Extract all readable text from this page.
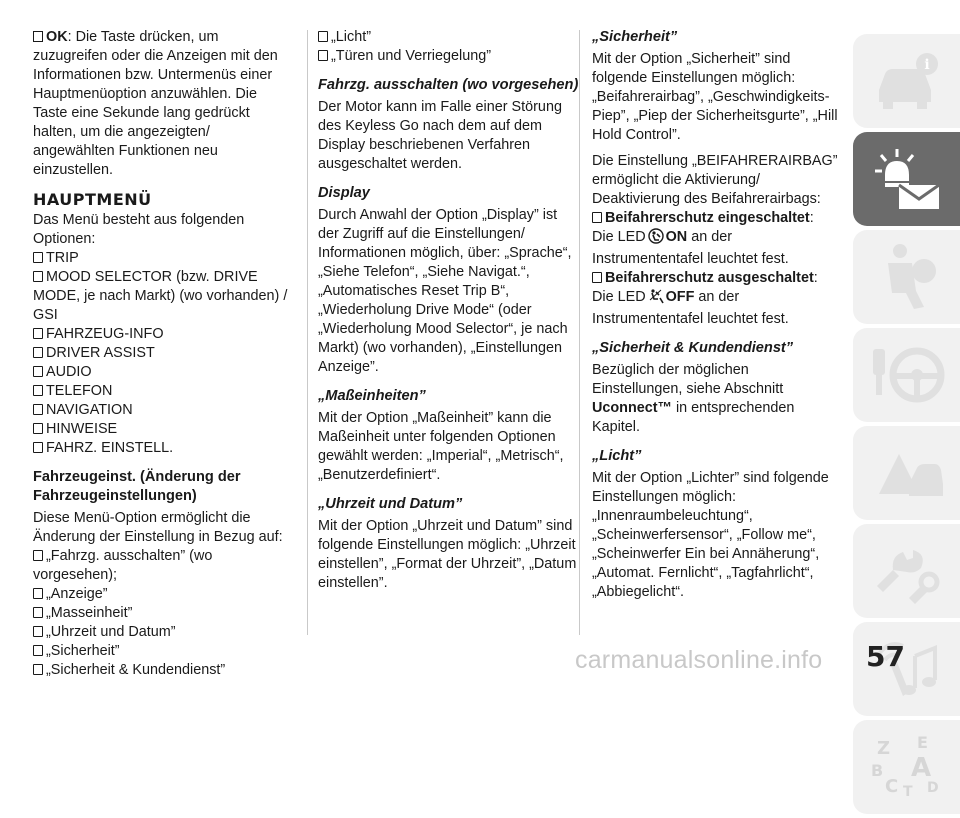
OK: Die Taste drücken, um zuzugreifen oder die Anzeigen mit den Informationen bzw. Untermenüs einer Hauptmenüoption anzuwählen. Die Taste eine Sekunde lang gedrückt halten, um die angezeigten/ angewählten Funktionen neu einzustellen.

HAUPTMENÜ

Das Menü besteht aus folgenden Optionen:

TRIP
MOOD SELECTOR (bzw. DRIVE MODE, je nach Markt) (wo vorhanden) / GSI
FAHRZEUG-INFO
DRIVER ASSIST
AUDIO
TELEFON
NAVIGATION
HINWEISE
FAHRZ. EINSTELL.
Fahrzeugeinst. (Änderung der Fahrzeugeinstellungen)

Diese Menü-Option ermöglicht die Änderung der Einstellung in Bezug auf:

„Fahrzg. ausschalten” (wo vorgesehen);
„Anzeige”
„Masseinheit”
„Uhrzeit und Datum”
„Sicherheit”
„Sicherheit & Kundendienst”
„Licht”
„Türen und Verriegelung”
Fahrzg. ausschalten (wo vorgesehen)

Der Motor kann im Falle einer Störung des Keyless Go nach dem auf dem Display beschriebenen Verfahren ausgeschaltet werden.

Display

Durch Anwahl der Option „Display” ist der Zugriff auf die Einstellungen/ Informationen möglich, über: „Sprache“, „Siehe Telefon“, „Siehe Navigat.“, „Automatisches Reset Trip B“, „Wiederholung Drive Mode“ (oder „Wiederholung Mood Selector“, je nach Markt) (wo vorhanden), „Einstellungen Anzeige”.

„Maßeinheiten”

Mit der Option „Maßeinheit” kann die Maßeinheit unter folgenden Optionen gewählt werden: „Imperial“, „Metrisch“, „Benutzerdefiniert“.

„Uhrzeit und Datum”

Mit der Option „Uhrzeit und Datum” sind folgende Einstellungen möglich: „Uhrzeit einstellen”, „Format der Uhrzeit”, „Datum einstellen”.

„Sicherheit”

Mit der Option „Sicherheit” sind folgende Einstellungen möglich: „Beifahrerairbag”, „Geschwindigkeits-Piep”, „Piep der Sicherheitsgurte”, „Hill Hold Control”.

Die Einstellung „BEIFAHRERAIRBAG” ermöglicht die Aktivierung/ Deaktivierung des Beifahrerairbags:

Beifahrerschutz eingeschaltet:

Die LED ON an der Instrumententafel leuchtet fest.

Beifahrerschutz ausgeschaltet:

Die LED OFF an der Instrumententafel leuchtet fest.

„Sicherheit & Kundendienst”

Bezüglich der möglichen Einstellungen, siehe Abschnitt Uconnect™ in entsprechenden Kapitel.

„Licht”

Mit der Option „Lichter” sind folgende Einstellungen möglich: „Innenraumbeleuchtung“, „Scheinwerfersensor“, „Follow me“, „Scheinwerfer Ein bei Annäherung“, „Automat. Fernlicht“, „Tagfahrlicht“, „Abbiegelicht“.

i
Z E
B A
C T D
57
carmanualsonline.info
